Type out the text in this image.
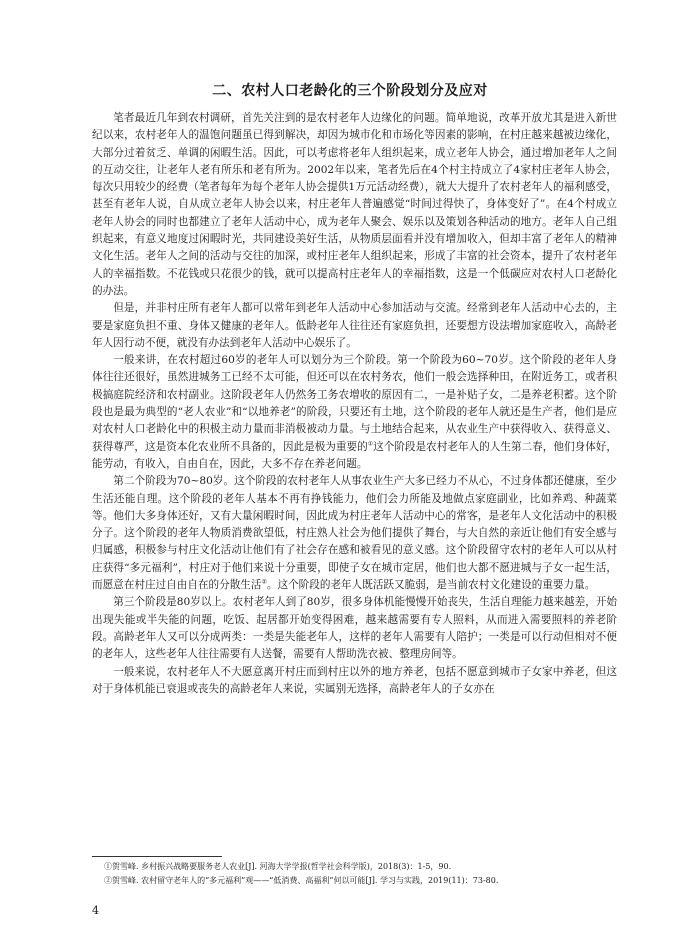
二、农村人口老龄化的三个阶段划分及应对

笔者最近几年到农村调研，首先关注到的是农村老年人边缘化的问题。简单地说，改革开放尤其是进入新世纪以来，农村老年人的温饱问题虽已得到解决，却因为城市化和市场化等因素的影响，在村庄越来越被边缘化，大部分过着贫乏、单调的闲暇生活。因此，可以考虑将老年人组织起来，成立老年人协会，通过增加老年人之间的互动交往，让老年人老有所乐和老有所为。2002年以来，笔者先后在4个村主持成立了4家村庄老年人协会，每次只用较少的经费（笔者每年为每个老年人协会提供1万元活动经费），就大大提升了农村老年人的福利感受，甚至有老年人说，自从成立老年人协会以来，村庄老年人普遍感觉“时间过得快了，身体变好了”。在4个村成立老年人协会的同时也都建立了老年人活动中心，成为老年人聚会、娱乐以及策划各种活动的地方。老年人自己组织起来，有意义地度过闲暇时光，共同建设美好生活，从物质层面看并没有增加收入，但却丰富了老年人的精神文化生活。老年人之间的活动与交往的加深，或村庄老年人组织起来，形成了丰富的社会资本，提升了农村老年人的幸福指数。不花钱或只花很少的钱，就可以提高村庄老年人的幸福指数，这是一个低碳应对农村人口老龄化的办法。

但是，并非村庄所有老年人都可以常年到老年人活动中心参加活动与交流。经常到老年人活动中心去的，主要是家庭负担不重、身体又健康的老年人。低龄老年人往往还有家庭负担，还要想方设法增加家庭收入，高龄老年人因行动不便，就没有办法到老年人活动中心娱乐了。

一般来讲，在农村超过60岁的老年人可以划分为三个阶段。第一个阶段为60~70岁。这个阶段的老年人身体往往还很好，虽然进城务工已经不太可能，但还可以在农村务农，他们一般会选择种田，在附近务工，或者积极搞庭院经济和农村副业。这阶段老年人仍然务工务农增收的原因有二，一是补贴子女，二是养老积蓄。这个阶段也是最为典型的“老人农业”和“以地养老”的阶段，只要还有土地，这个阶段的老年人就还是生产者，他们是应对农村人口老龄化中的积极主动力量而非消极被动力量。与土地结合起来，从农业生产中获得收入、获得意义、获得尊严，这是资本化农业所不具备的，因此是极为重要的①这个阶段是农村老年人的人生第二春，他们身体好，能劳动，有收入，自由自在，因此，大多不存在养老问题。

第二个阶段为70~80岁。这个阶段的农村老年人从事农业生产大多已经力不从心，不过身体都还健康，至少生活还能自理。这个阶段的老年人基本不再有挣钱能力，他们会力所能及地做点家庭副业，比如养鸡、种蔬菜等。他们大多身体还好，又有大量闲暇时间，因此成为村庄老年人活动中心的常客，是老年人文化活动中的积极分子。这个阶段的老年人物质消费欲望低，村庄熟人社会为他们提供了舞台，与大自然的亲近让他们有安全感与归属感，积极参与村庄文化活动让他们有了社会存在感和被看见的意义感。这个阶段留守农村的老年人可以从村庄获得“多元福利”，村庄对于他们来说十分重要，即使子女在城市定居，他们也大都不愿进城与子女一起生活，而愿意在村庄过自由自在的分散生活②。这个阶段的老年人既活跃又脆弱，是当前农村文化建设的重要力量。

第三个阶段是80岁以上。农村老年人到了80岁，很多身体机能慢慢开始丧失，生活自理能力越来越差，开始出现失能或半失能的问题，吃饭、起居都开始变得困难，越来越需要有专人照料，从而进入需要照料的养老阶段。高龄老年人又可以分成两类：一类是失能老年人，这样的老年人需要有人陪护；一类是可以行动但相对不便的老年人，这些老年人往往需要有人送餐，需要有人帮助洗衣被、整理房间等。

一般来说，农村老年人不大愿意离开村庄而到村庄以外的地方养老，包括不愿意到城市子女家中养老，但这对于身体机能已衰退或丧失的高龄老年人来说，实属别无选择，高龄老年人的子女亦在

①贺雪峰. 乡村振兴战略要服务老人农业[J]. 河海大学学报(哲学社会科学版)，2018(3)：1-5，90.
②贺雪峰. 农村留守老年人的“多元福利”观——“低消费、高福利”何以可能[J]. 学习与实践，2019(11)：73-80.
4
